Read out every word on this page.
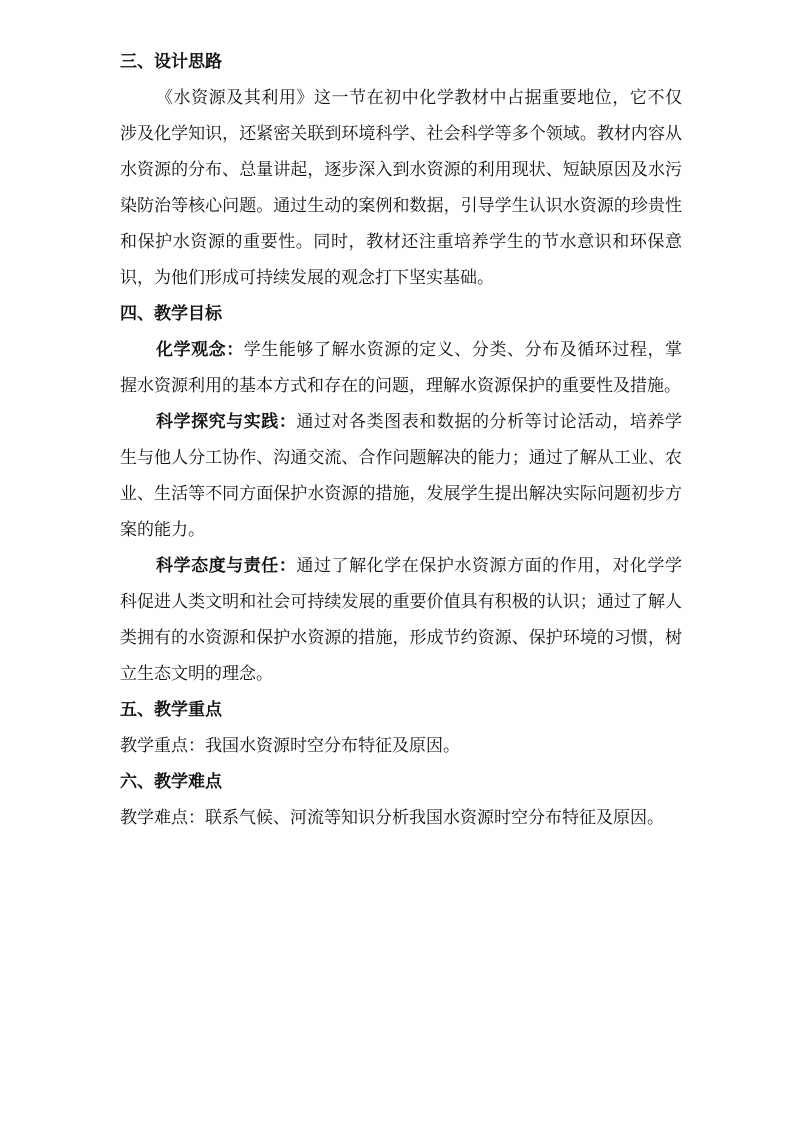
三、设计思路

《水资源及其利用》这一节在初中化学教材中占据重要地位，它不仅涉及化学知识，还紧密关联到环境科学、社会科学等多个领域。教材内容从水资源的分布、总量讲起，逐步深入到水资源的利用现状、短缺原因及水污染防治等核心问题。通过生动的案例和数据，引导学生认识水资源的珍贵性和保护水资源的重要性。同时，教材还注重培养学生的节水意识和环保意识，为他们形成可持续发展的观念打下坚实基础。

四、教学目标

化学观念：学生能够了解水资源的定义、分类、分布及循环过程，掌握水资源利用的基本方式和存在的问题，理解水资源保护的重要性及措施。

科学探究与实践：通过对各类图表和数据的分析等讨论活动，培养学生与他人分工协作、沟通交流、合作问题解决的能力；通过了解从工业、农业、生活等不同方面保护水资源的措施，发展学生提出解决实际问题初步方案的能力。

科学态度与责任：通过了解化学在保护水资源方面的作用，对化学学科促进人类文明和社会可持续发展的重要价值具有积极的认识；通过了解人类拥有的水资源和保护水资源的措施，形成节约资源、保护环境的习惯，树立生态文明的理念。

五、教学重点

教学重点：我国水资源时空分布特征及原因。

六、教学难点

教学难点：联系气候、河流等知识分析我国水资源时空分布特征及原因。
